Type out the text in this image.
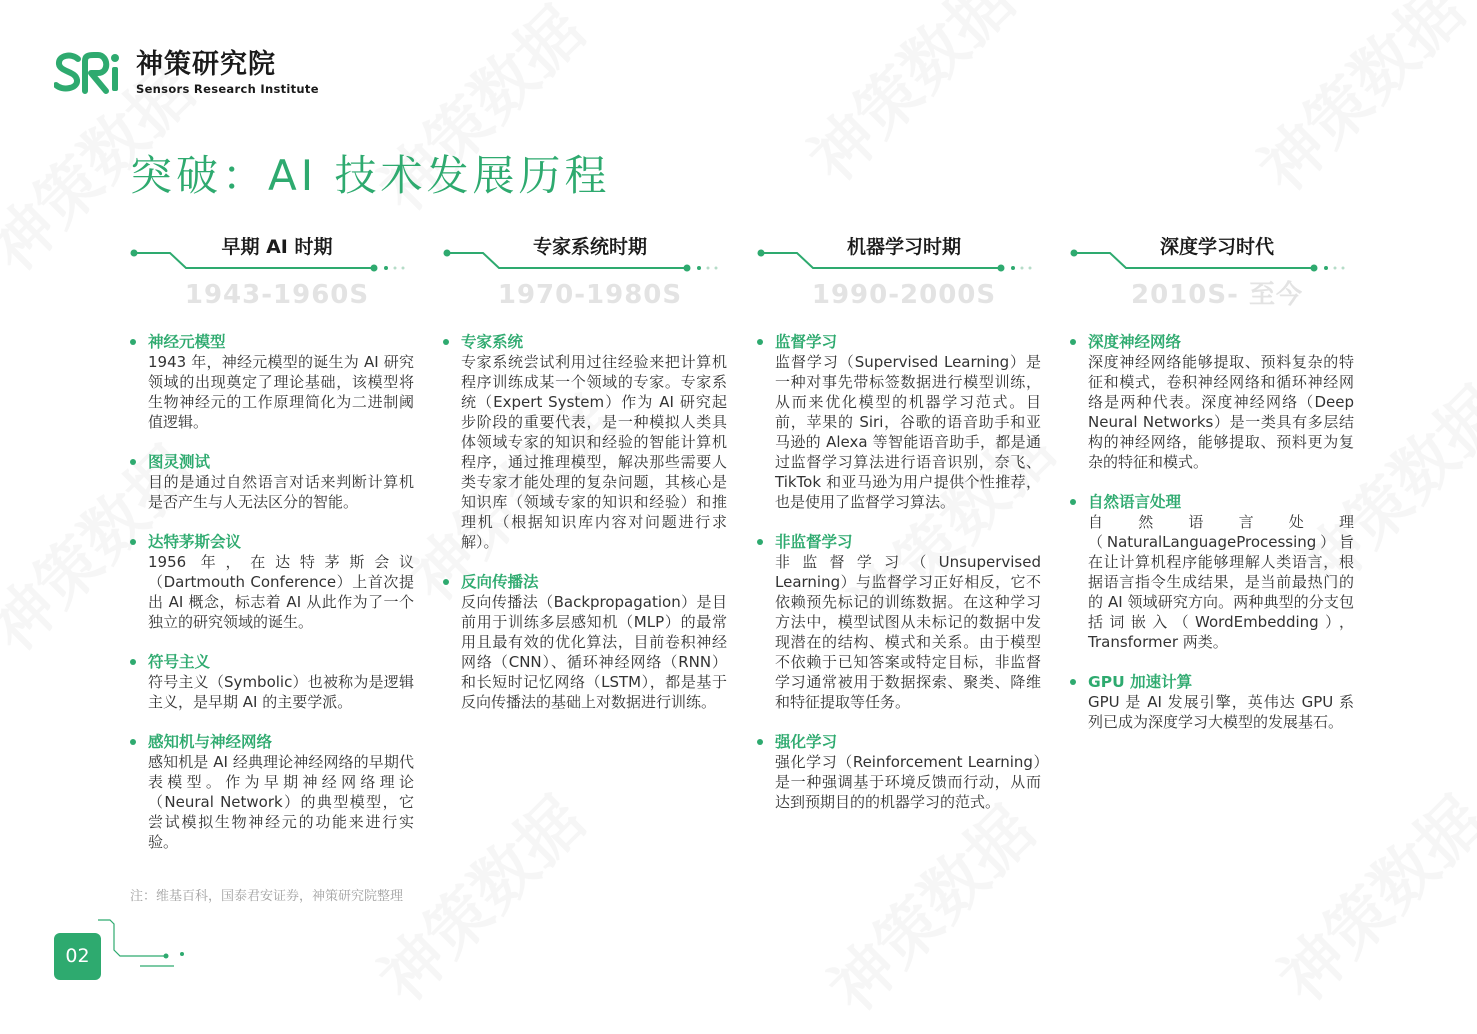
神策研究院
Sensors Research Institute
突破：AI 技术发展历程
早期 AI 时期
1943-1960S
神经元模型
1943 年，神经元模型的诞生为 AI 研究领域的出现奠定了理论基础，该模型将生物神经元的工作原理简化为二进制阈值逻辑。
图灵测试
目的是通过自然语言对话来判断计算机是否产生与人无法区分的智能。
达特茅斯会议
1956 年，在达特茅斯会议（Dartmouth Conference）上首次提出 AI 概念，标志着 AI 从此作为了一个独立的研究领域的诞生。
符号主义
符号主义（Symbolic）也被称为是逻辑主义，是早期 AI 的主要学派。
感知机与神经网络
感知机是 AI 经典理论神经网络的早期代表模型。作为早期神经网络理论（Neural Network）的典型模型，它尝试模拟生物神经元的功能来进行实验。
专家系统时期
1970-1980S
专家系统
专家系统尝试利用过往经验来把计算机程序训练成某一个领域的专家。专家系统（Expert System）作为 AI 研究起步阶段的重要代表，是一种模拟人类具体领域专家的知识和经验的智能计算机程序，通过推理模型，解决那些需要人类专家才能处理的复杂问题，其核心是知识库（领域专家的知识和经验）和推理机（根据知识库内容对问题进行求解）。
反向传播法
反向传播法（Backpropagation）是目前用于训练多层感知机（MLP）的最常用且最有效的优化算法，目前卷积神经网络（CNN）、循环神经网络（RNN）和长短时记忆网络（LSTM），都是基于反向传播法的基础上对数据进行训练。
机器学习时期
1990-2000S
监督学习
监督学习（Supervised Learning）是一种对事先带标签数据进行模型训练，从而来优化模型的机器学习范式。目前，苹果的 Siri，谷歌的语音助手和亚马逊的 Alexa 等智能语音助手，都是通过监督学习算法进行语音识别，奈飞、TikTok 和亚马逊为用户提供个性推荐，也是使用了监督学习算法。
非监督学习
非监督学习（Unsupervised Learning）与监督学习正好相反，它不依赖预先标记的训练数据。在这种学习方法中，模型试图从未标记的数据中发现潜在的结构、模式和关系。由于模型不依赖于已知答案或特定目标，非监督学习通常被用于数据探索、聚类、降维和特征提取等任务。
强化学习
强化学习（Reinforcement Learning）是一种强调基于环境反馈而行动，从而达到预期目的的机器学习的范式。
深度学习时代
2010S- 至今
深度神经网络
深度神经网络能够提取、预料复杂的特征和模式，卷积神经网络和循环神经网络是两种代表。深度神经网络（Deep Neural Networks）是一类具有多层结构的神经网络，能够提取、预料更为复杂的特征和模式。
自然语言处理
自然语言处理（NaturalLanguageProcessing）旨在让计算机程序能够理解人类语言，根据语言指令生成结果，是当前最热门的的 AI 领域研究方向。两种典型的分支包括词嵌入（WordEmbedding），Transformer 两类。
GPU 加速计算
GPU 是 AI 发展引擎，英伟达 GPU 系列已成为深度学习大模型的发展基石。
注：维基百科，国泰君安证券，神策研究院整理
02
